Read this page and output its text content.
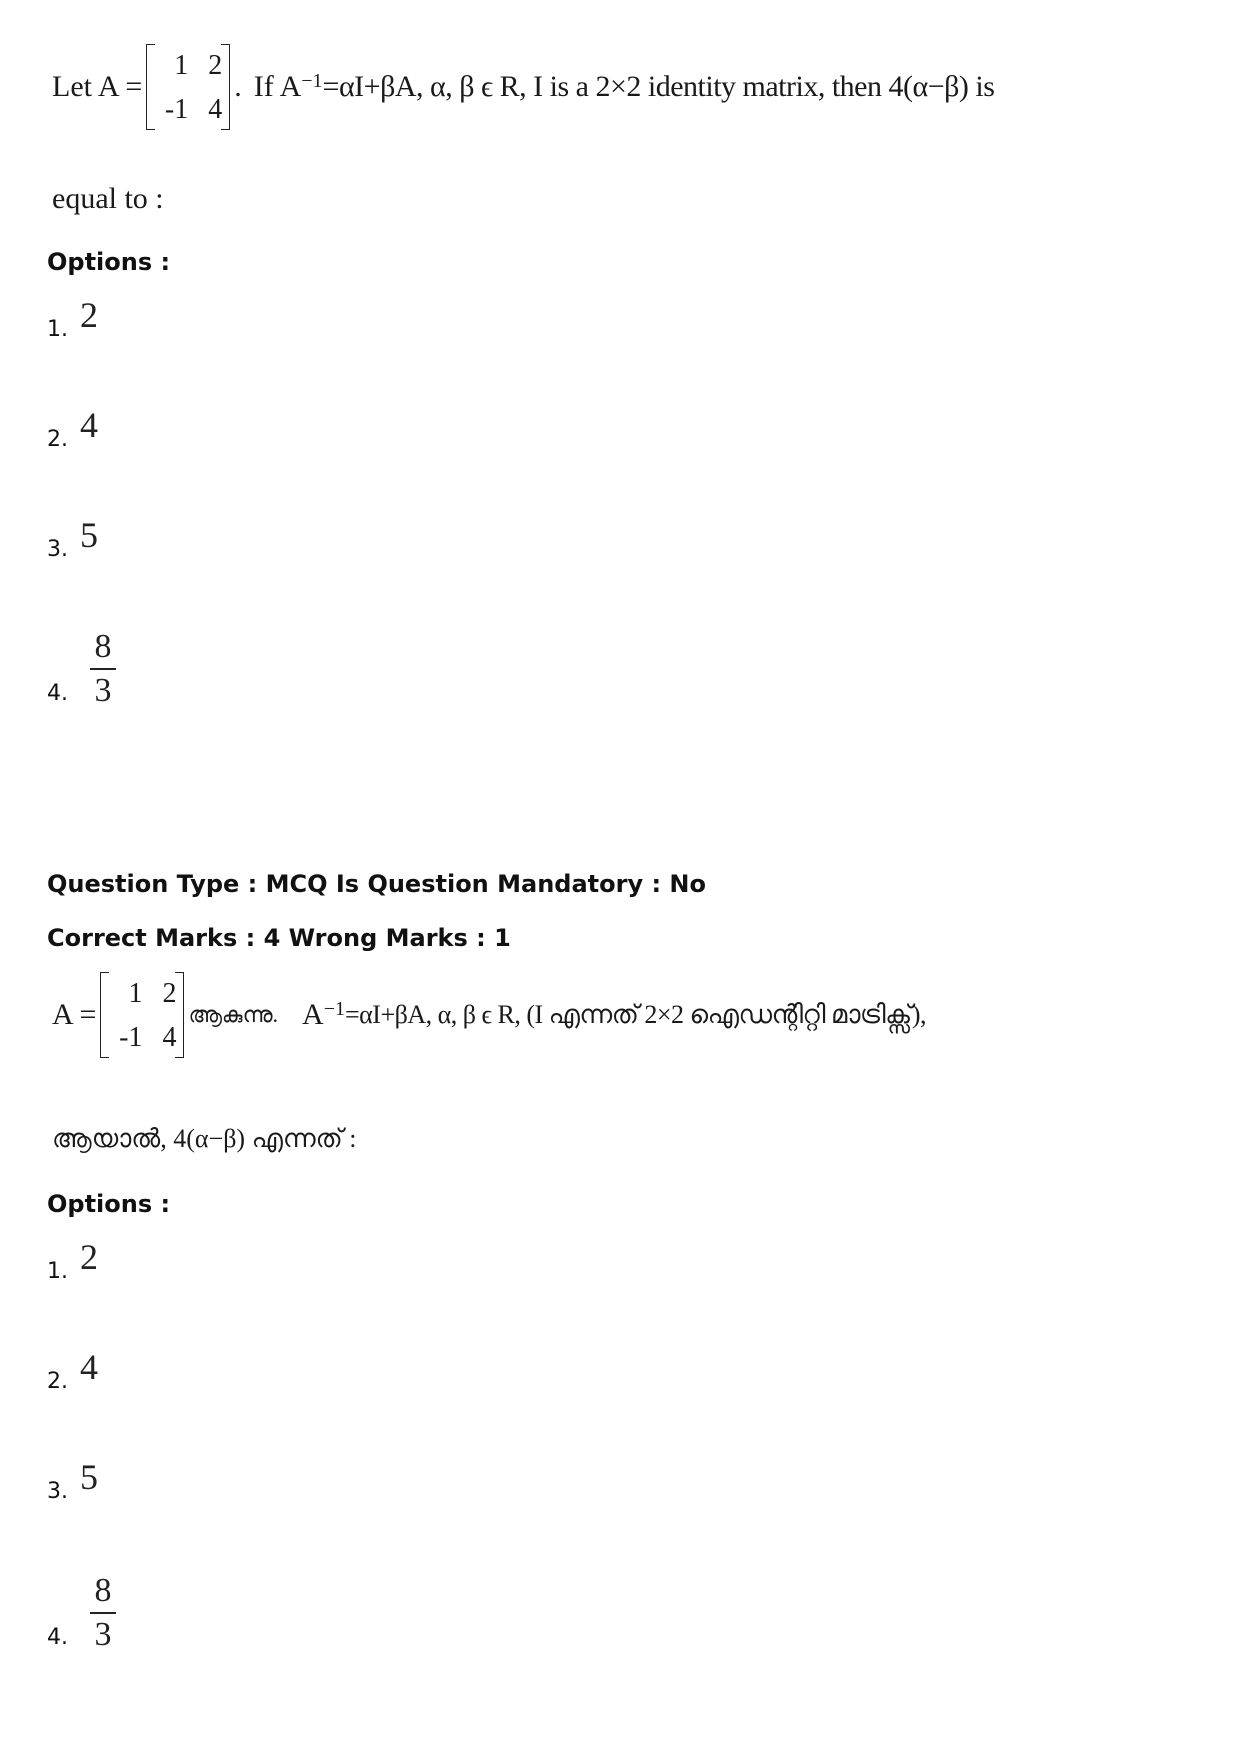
Let A =
1 2
-1 4
. If $A^{-1} =\alpha I+\beta A$, α, β ϵ R, I is a 2×2 identity matrix, then 4(α−β) is
equal to :
Options :
1. 2
2. 4
3. 5
4. $\frac{8}{3}$
Question Type : MCQ Is Question Mandatory : No
Correct Marks : 4 Wrong Marks : 1
A =
1 2
-1 4
ആകുന്നു. $A^{-1} =\alpha I+\beta A$, α, β ϵ R, (I എന്നത് 2×2 ഐഡന്റിറ്റി മാട്രിക്സ്),
ആയാൽ, 4(α−β) എന്നത് :
Options :
1. 2
2. 4
3. 5
4. $\frac{8}{3}$
